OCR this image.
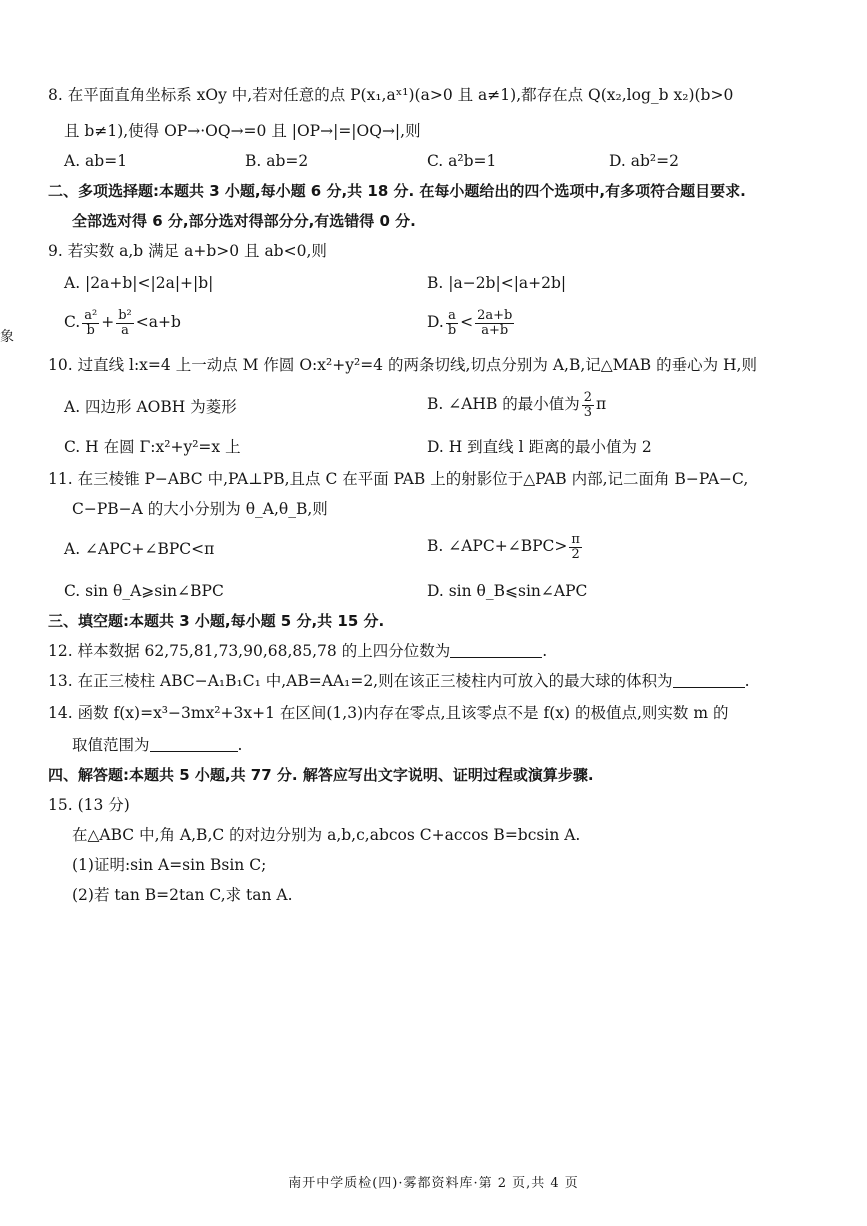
象
8. 在平面直角坐标系 xOy 中,若对任意的点 P(x₁,aˣ¹)(a>0 且 a≠1),都存在点 Q(x₂,log_b x₂)(b>0
且 b≠1),使得 OP→·OQ→=0 且 |OP→|=|OQ→|,则
A. ab=1	B. ab=2	C. a²b=1	D. ab²=2
二、多项选择题:本题共 3 小题,每小题 6 分,共 18 分. 在每小题给出的四个选项中,有多项符合题目要求.
全部选对得 6 分,部分选对得部分分,有选错得 0 分.
9. 若实数 a,b 满足 a+b>0 且 ab<0,则
A. |2a+b|<|2a|+|b|	B. |a−2b|<|a+2b|
C. $\frac{\text{a²}}{b} + \frac{\text{b²}}{a} <a+b$	D. $\frac{a}{b} < \frac{2a+b}{a+b}$
10. 过直线 l:x=4 上一动点 M 作圆 O:x²+y²=4 的两条切线,切点分别为 A,B,记△MAB 的垂心为 H,则
A. 四边形 AOBH 为菱形	B. ∠AHB 的最小值为 $\frac{2}{3}$ π
C. H 在圆 Γ:x²+y²=x 上	D. H 到直线 l 距离的最小值为 2
11. 在三棱锥 P−ABC 中,PA⊥PB,且点 C 在平面 PAB 上的射影位于△PAB 内部,记二面角 B−PA−C,
C−PB−A 的大小分别为 θ_A,θ_B,则
A. ∠APC+∠BPC<π	B. ∠APC+∠BPC> $\frac{\pi}{2}$
C. sin θ_A⩾sin∠BPC	D. sin θ_B⩽sin∠APC
三、填空题:本题共 3 小题,每小题 5 分,共 15 分.
12. 样本数据 62,75,81,73,90,68,85,78 的上四分位数为	.
13. 在正三棱柱 ABC−A₁B₁C₁ 中,AB=AA₁=2,则在该正三棱柱内可放入的最大球的体积为	.
14. 函数 f(x)=x³−3mx²+3x+1 在区间(1,3)内存在零点,且该零点不是 f(x) 的极值点,则实数 m 的
取值范围为	.
四、解答题:本题共 5 小题,共 77 分. 解答应写出文字说明、证明过程或演算步骤.
15. (13 分)
在△ABC 中,角 A,B,C 的对边分别为 a,b,c,abcos C+accos B=bcsin A.
(1)证明:sin A=sin Bsin C;
(2)若 tan B=2tan C,求 tan A.
南开中学质检(四)·雾都资料库·第 2 页,共 4 页
